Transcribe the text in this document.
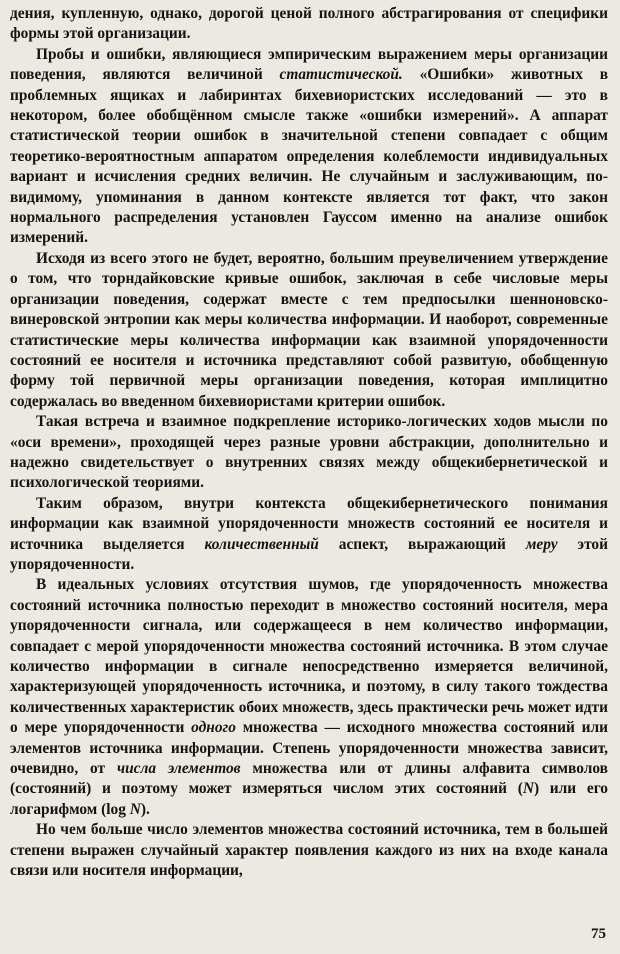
дения, купленную, однако, дорогой ценой полного абстрагирования от специфики формы этой организации.

Пробы и ошибки, являющиеся эмпирическим выражением меры организации поведения, являются величиной статистической. «Ошибки» животных в проблемных ящиках и лабиринтах бихевиористских исследований — это в некотором, более обобщённом смысле также «ошибки измерений». А аппарат статистической теории ошибок в значительной степени совпадает с общим теоретико-вероятностным аппаратом определения колеблемости индивидуальных вариант и исчисления средних величин. Не случайным и заслуживающим, по-видимому, упоминания в данном контексте является тот факт, что закон нормального распределения установлен Гауссом именно на анализе ошибок измерений.

Исходя из всего этого не будет, вероятно, большим преувеличением утверждение о том, что торндайковские кривые ошибок, заключая в себе числовые меры организации поведения, содержат вместе с тем предпосылки шенноновско-винеровской энтропии как меры количества информации. И наоборот, современные статистические меры количества информации как взаимной упорядоченности состояний ее носителя и источника представляют собой развитую, обобщенную форму той первичной меры организации поведения, которая имплицитно содержалась во введенном бихевиористами критерии ошибок.

Такая встреча и взаимное подкрепление историко-логических ходов мысли по «оси времени», проходящей через разные уровни абстракции, дополнительно и надежно свидетельствует о внутренних связях между общекибернетической и психологической теориями.

Таким образом, внутри контекста общекибернетического понимания информации как взаимной упорядоченности множеств состояний ее носителя и источника выделяется количественный аспект, выражающий меру этой упорядоченности.

В идеальных условиях отсутствия шумов, где упорядоченность множества состояний источника полностью переходит в множество состояний носителя, мера упорядоченности сигнала, или содержащееся в нем количество информации, совпадает с мерой упорядоченности множества состояний источника. В этом случае количество информации в сигнале непосредственно измеряется величиной, характеризующей упорядоченность источника, и поэтому, в силу такого тождества количественных характеристик обоих множеств, здесь практически речь может идти о мере упорядоченности одного множества — исходного множества состояний или элементов источника информации. Степень упорядоченности множества зависит, очевидно, от числа элементов множества или от длины алфавита символов (состояний) и поэтому может измеряться числом этих состояний (N) или его логарифмом (log N).

Но чем больше число элементов множества состояний источника, тем в большей степени выражен случайный характер появления каждого из них на входе канала связи или носителя информации,

75
